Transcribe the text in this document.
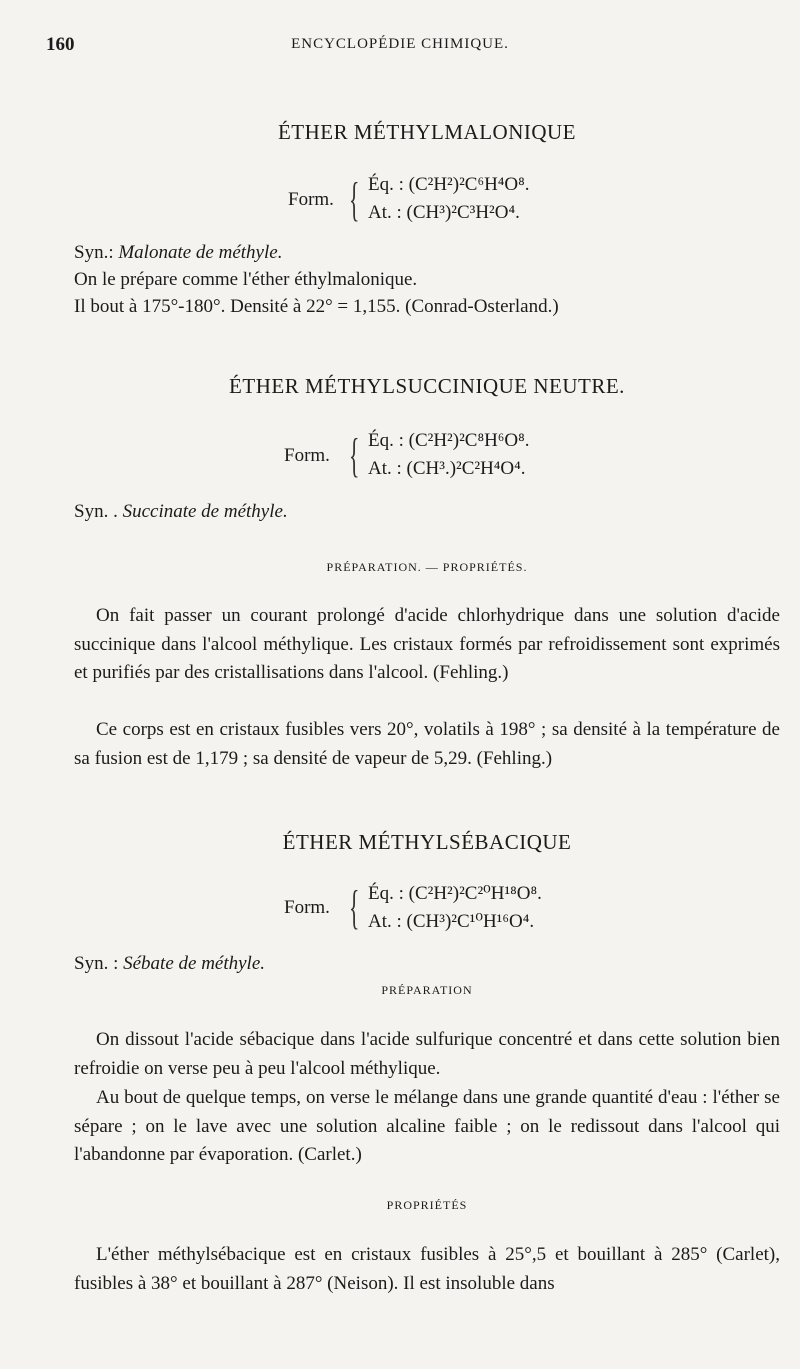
160	ENCYCLOPÉDIE CHIMIQUE.
ÉTHER MÉTHYLMALONIQUE
Form. { Éq. : (C²H²)²C⁶H⁴O⁸.
At. : (CH³)²C³H²O⁴.
Syn.: Malonate de méthyle.
On le prépare comme l'éther éthylmalonique.
Il bout à 175°-180°. Densité à 22° = 1,155. (Conrad-Osterland.)
ÉTHER MÉTHYLSUCCINIQUE NEUTRE.
Form. { Éq. : (C²H²)²C⁸H⁶O⁸.
At. : (CH³.)²C²H⁴O⁴.
Syn. . Succinate de méthyle.
PRÉPARATION. — PROPRIÉTÉS.
On fait passer un courant prolongé d'acide chlorhydrique dans une solution d'acide succinique dans l'alcool méthylique. Les cristaux formés par refroidissement sont exprimés et purifiés par des cristallisations dans l'alcool. (Fehling.)
Ce corps est en cristaux fusibles vers 20°, volatils à 198° ; sa densité à la température de sa fusion est de 1,179 ; sa densité de vapeur de 5,29. (Fehling.)
ÉTHER MÉTHYLSÉBACIQUE
Form. { Éq. : (C²H²)²C²⁰H¹⁸O⁸.
At. : (CH³)²C¹⁰H¹⁶O⁴.
Syn. : Sébate de méthyle.
PRÉPARATION
On dissout l'acide sébacique dans l'acide sulfurique concentré et dans cette solution bien refroidie on verse peu à peu l'alcool méthylique.
Au bout de quelque temps, on verse le mélange dans une grande quantité d'eau : l'éther se sépare ; on le lave avec une solution alcaline faible ; on le redissout dans l'alcool qui l'abandonne par évaporation. (Carlet.)
PROPRIÉTÉS
L'éther méthylsébacique est en cristaux fusibles à 25°,5 et bouillant à 285° (Carlet), fusibles à 38° et bouillant à 287° (Neison). Il est insoluble dans
